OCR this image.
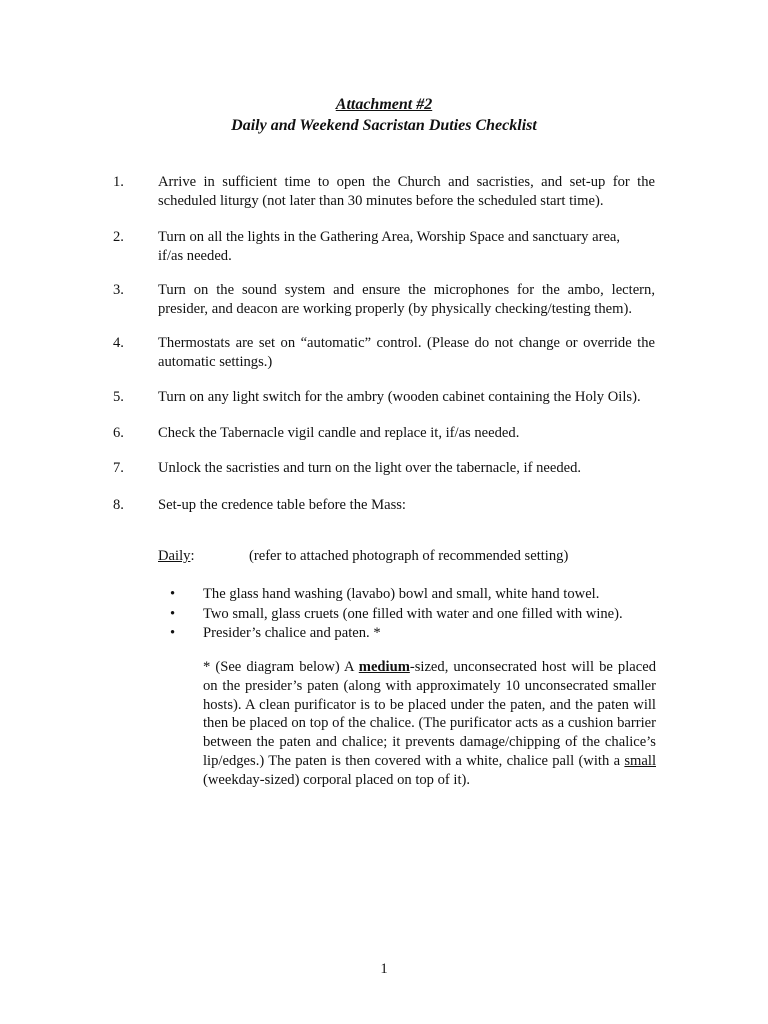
Attachment #2
Daily and Weekend Sacristan Duties Checklist
1. Arrive in sufficient time to open the Church and sacristies, and set-up for the scheduled liturgy (not later than 30 minutes before the scheduled start time).
2. Turn on all the lights in the Gathering Area, Worship Space and sanctuary area, if/as needed.
3. Turn on the sound system and ensure the microphones for the ambo, lectern, presider, and deacon are working properly (by physically checking/testing them).
4. Thermostats are set on “automatic” control. (Please do not change or override the automatic settings.)
5. Turn on any light switch for the ambry (wooden cabinet containing the Holy Oils).
6. Check the Tabernacle vigil candle and replace it, if/as needed.
7. Unlock the sacristies and turn on the light over the tabernacle, if needed.
8. Set-up the credence table before the Mass:
Daily:	(refer to attached photograph of recommended setting)
• The glass hand washing (lavabo) bowl and small, white hand towel.
• Two small, glass cruets (one filled with water and one filled with wine).
• Presider’s chalice and paten. *
* (See diagram below) A medium-sized, unconsecrated host will be placed on the presider’s paten (along with approximately 10 unconsecrated smaller hosts). A clean purificator is to be placed under the paten, and the paten will then be placed on top of the chalice. (The purificator acts as a cushion barrier between the paten and chalice; it prevents damage/chipping of the chalice’s lip/edges.) The paten is then covered with a white, chalice pall (with a small (weekday-sized) corporal placed on top of it).
1
